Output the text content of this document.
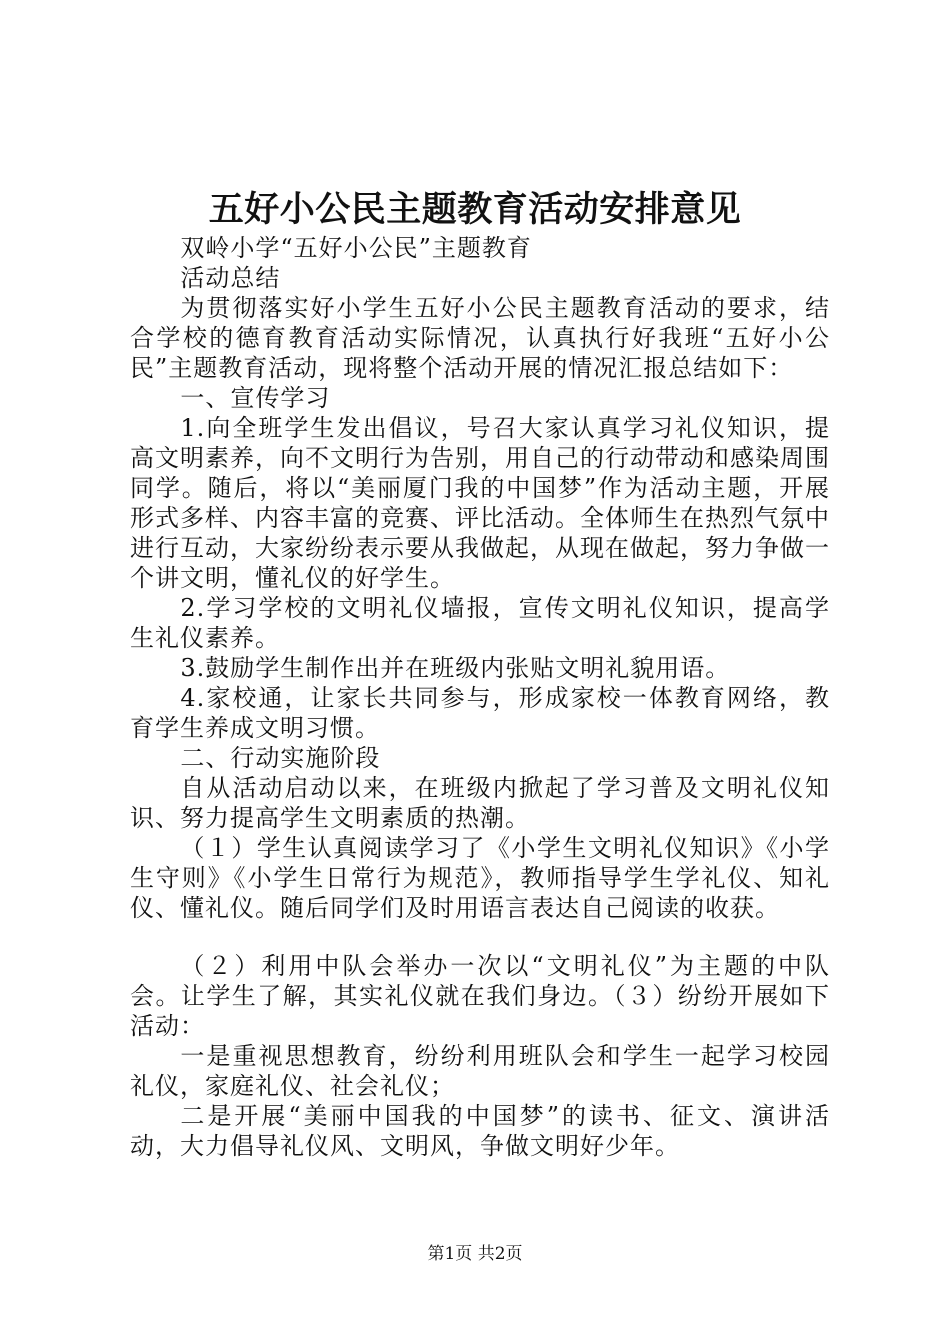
五好小公民主题教育活动安排意见

双岭小学“五好小公民”主题教育

活动总结

为贯彻落实好小学生五好小公民主题教育活动的要求，结合学校的德育教育活动实际情况，认真执行好我班“五好小公民”主题教育活动，现将整个活动开展的情况汇报总结如下：

一、宣传学习

1.向全班学生发出倡议，号召大家认真学习礼仪知识，提高文明素养，向不文明行为告别，用自己的行动带动和感染周围同学。随后，将以“美丽厦门我的中国梦”作为活动主题，开展形式多样、内容丰富的竞赛、评比活动。全体师生在热烈气氛中进行互动，大家纷纷表示要从我做起，从现在做起，努力争做一个讲文明，懂礼仪的好学生。

2.学习学校的文明礼仪墙报，宣传文明礼仪知识，提高学生礼仪素养。

3.鼓励学生制作出并在班级内张贴文明礼貌用语。

4.家校通，让家长共同参与，形成家校一体教育网络，教育学生养成文明习惯。

二、行动实施阶段

自从活动启动以来，在班级内掀起了学习普及文明礼仪知识、努力提高学生文明素质的热潮。

（１）学生认真阅读学习了《小学生文明礼仪知识》《小学生守则》《小学生日常行为规范》，教师指导学生学礼仪、知礼仪、懂礼仪。随后同学们及时用语言表达自己阅读的收获。

（２）利用中队会举办一次以“文明礼仪”为主题的中队会。让学生了解，其实礼仪就在我们身边。（３）纷纷开展如下活动：

一是重视思想教育，纷纷利用班队会和学生一起学习校园礼仪，家庭礼仪、社会礼仪；

二是开展“美丽中国我的中国梦”的读书、征文、演讲活动，大力倡导礼仪风、文明风，争做文明好少年。

第1页 共2页
